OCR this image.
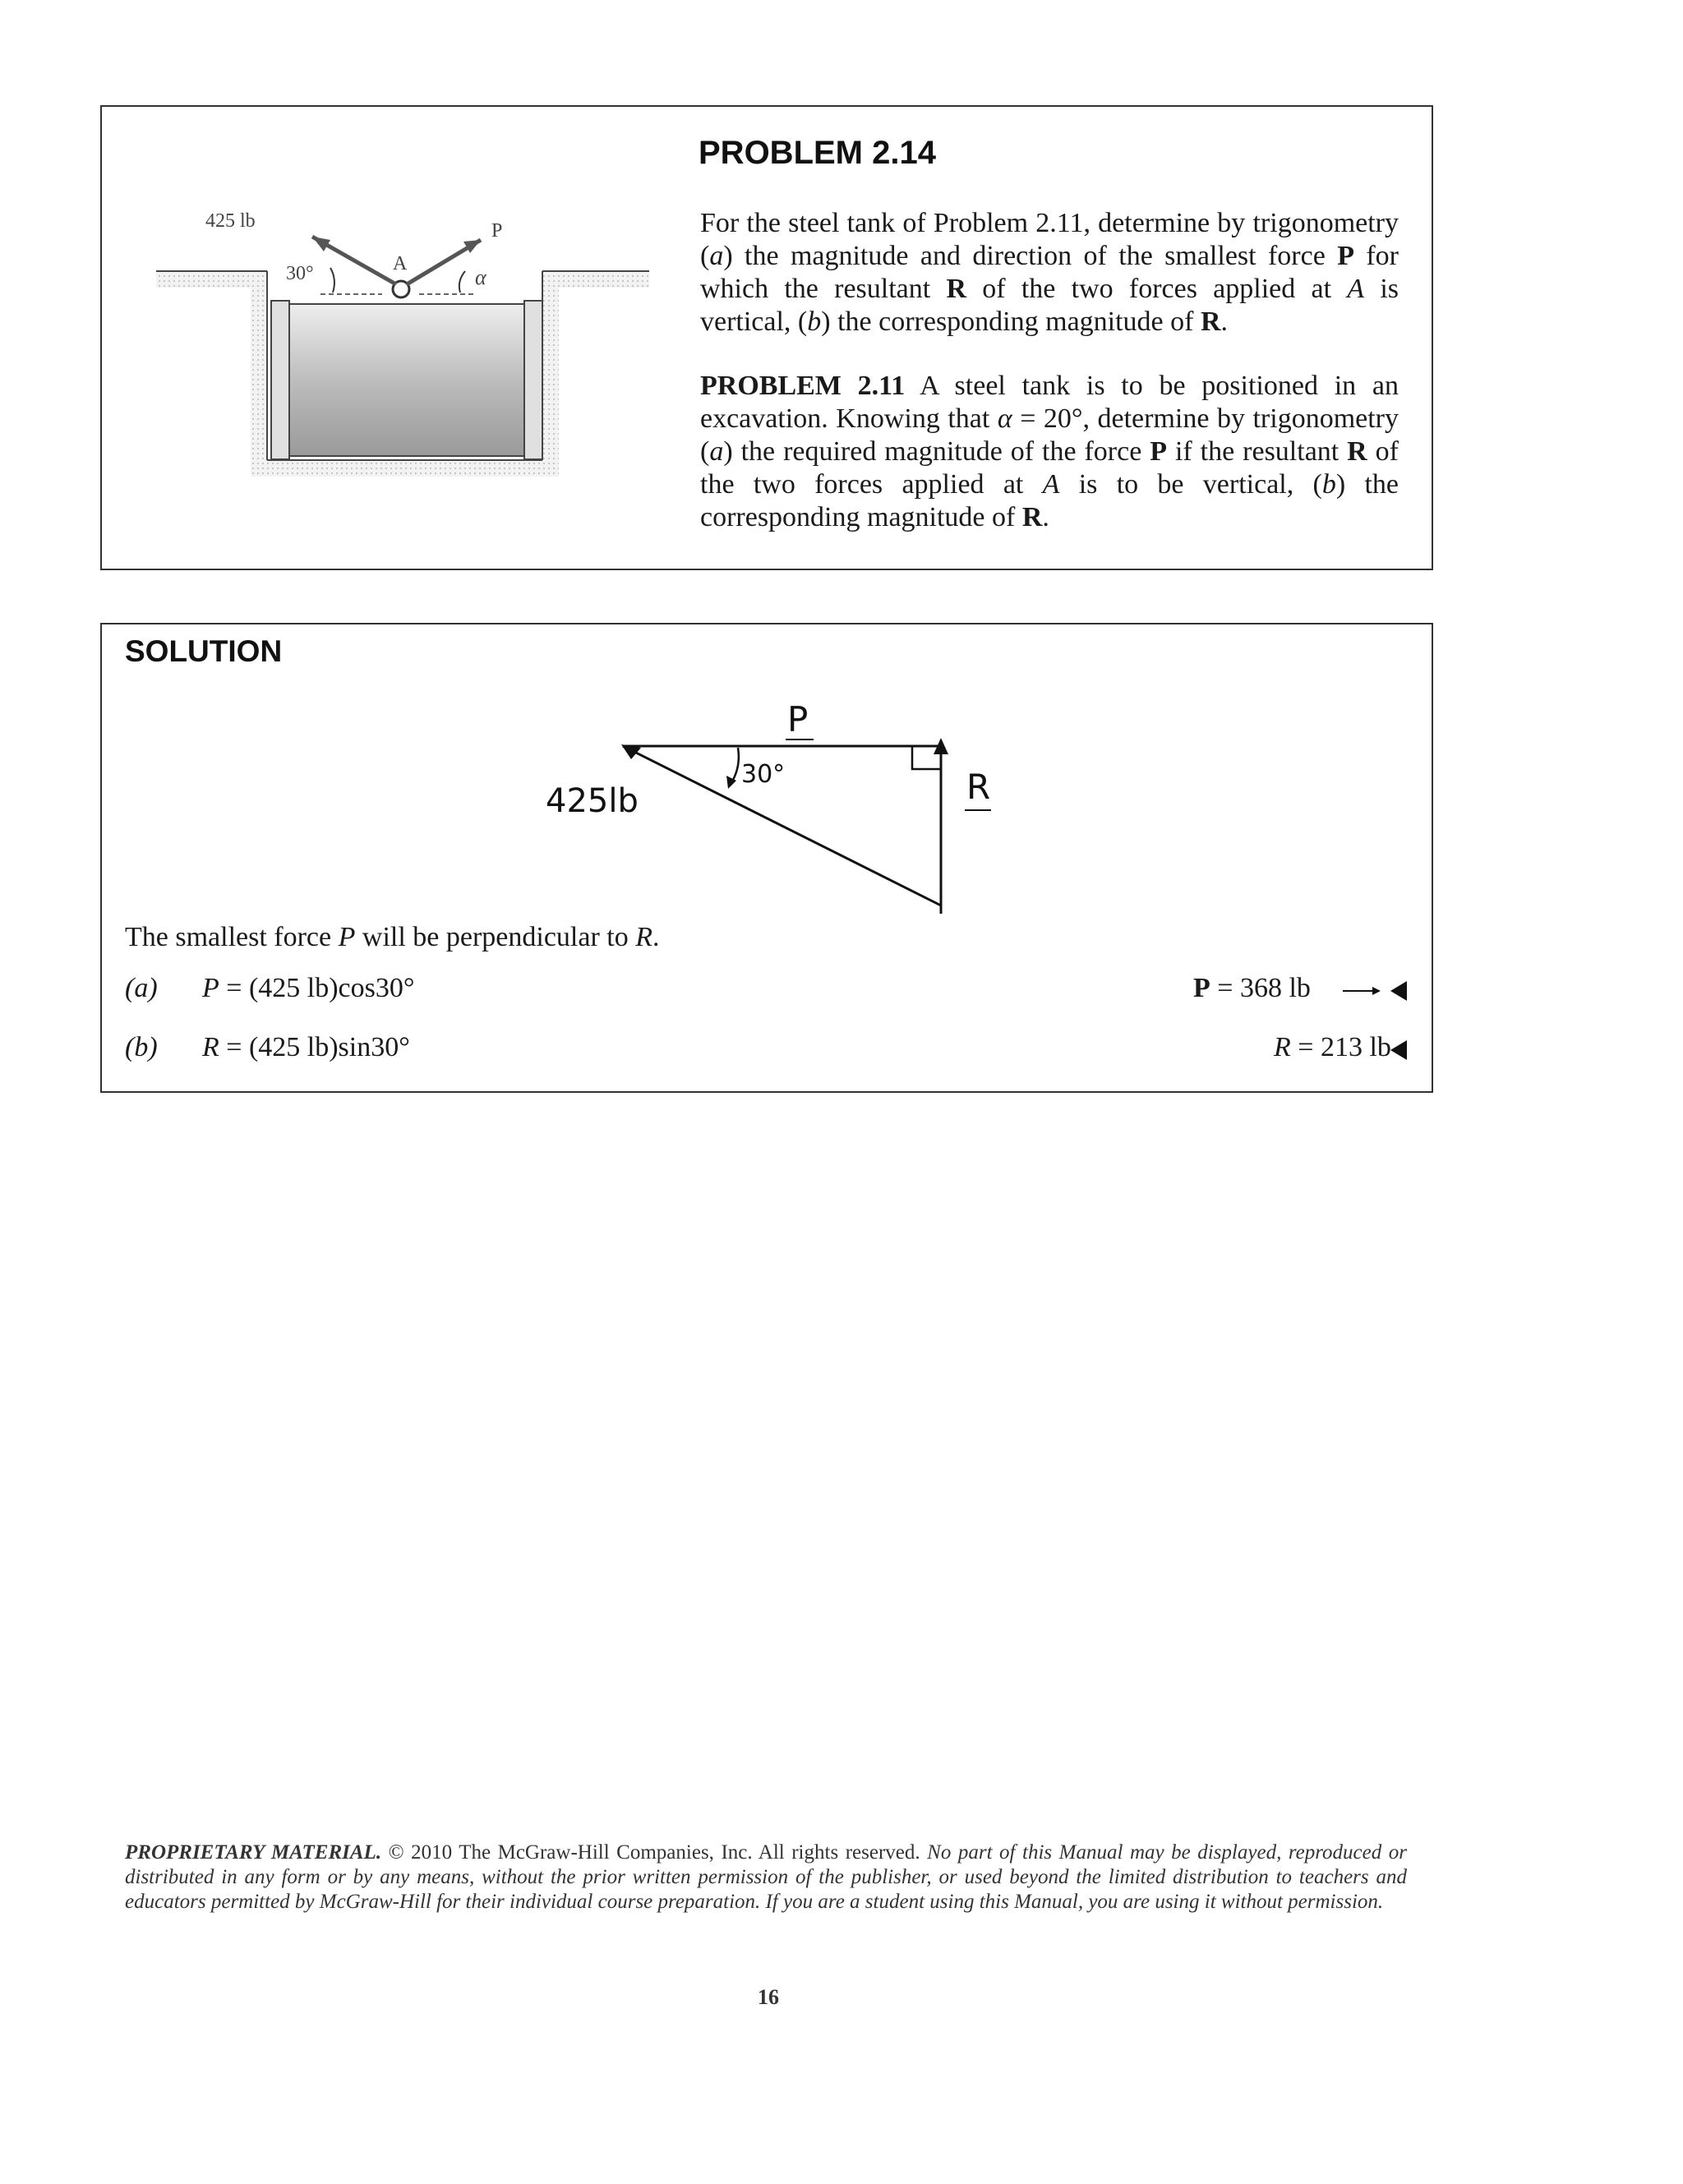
425 lb
30°	A
P
α
PROBLEM 2.14
For the steel tank of Problem 2.11, determine by trigonometry (a) the magnitude and direction of the smallest force P for which the resultant R of the two forces applied at A is vertical, (b) the corresponding magnitude of R.
PROBLEM 2.11 A steel tank is to be positioned in an excavation. Knowing that α = 20°, determine by trigonometry (a) the required magnitude of the force P if the resultant R of the two forces applied at A is to be vertical, (b) the corresponding magnitude of R.
SOLUTION
P
30°
425lb	R
The smallest force P will be perpendicular to R.
(a) P = (425 lb)cos30°	P = 368 lb
(b) R = (425 lb)sin30°	R = 213 lb
PROPRIETARY MATERIAL. © 2010 The McGraw-Hill Companies, Inc. All rights reserved. No part of this Manual may be displayed, reproduced or distributed in any form or by any means, without the prior written permission of the publisher, or used beyond the limited distribution to teachers and educators permitted by McGraw-Hill for their individual course preparation. If you are a student using this Manual, you are using it without permission.
16
